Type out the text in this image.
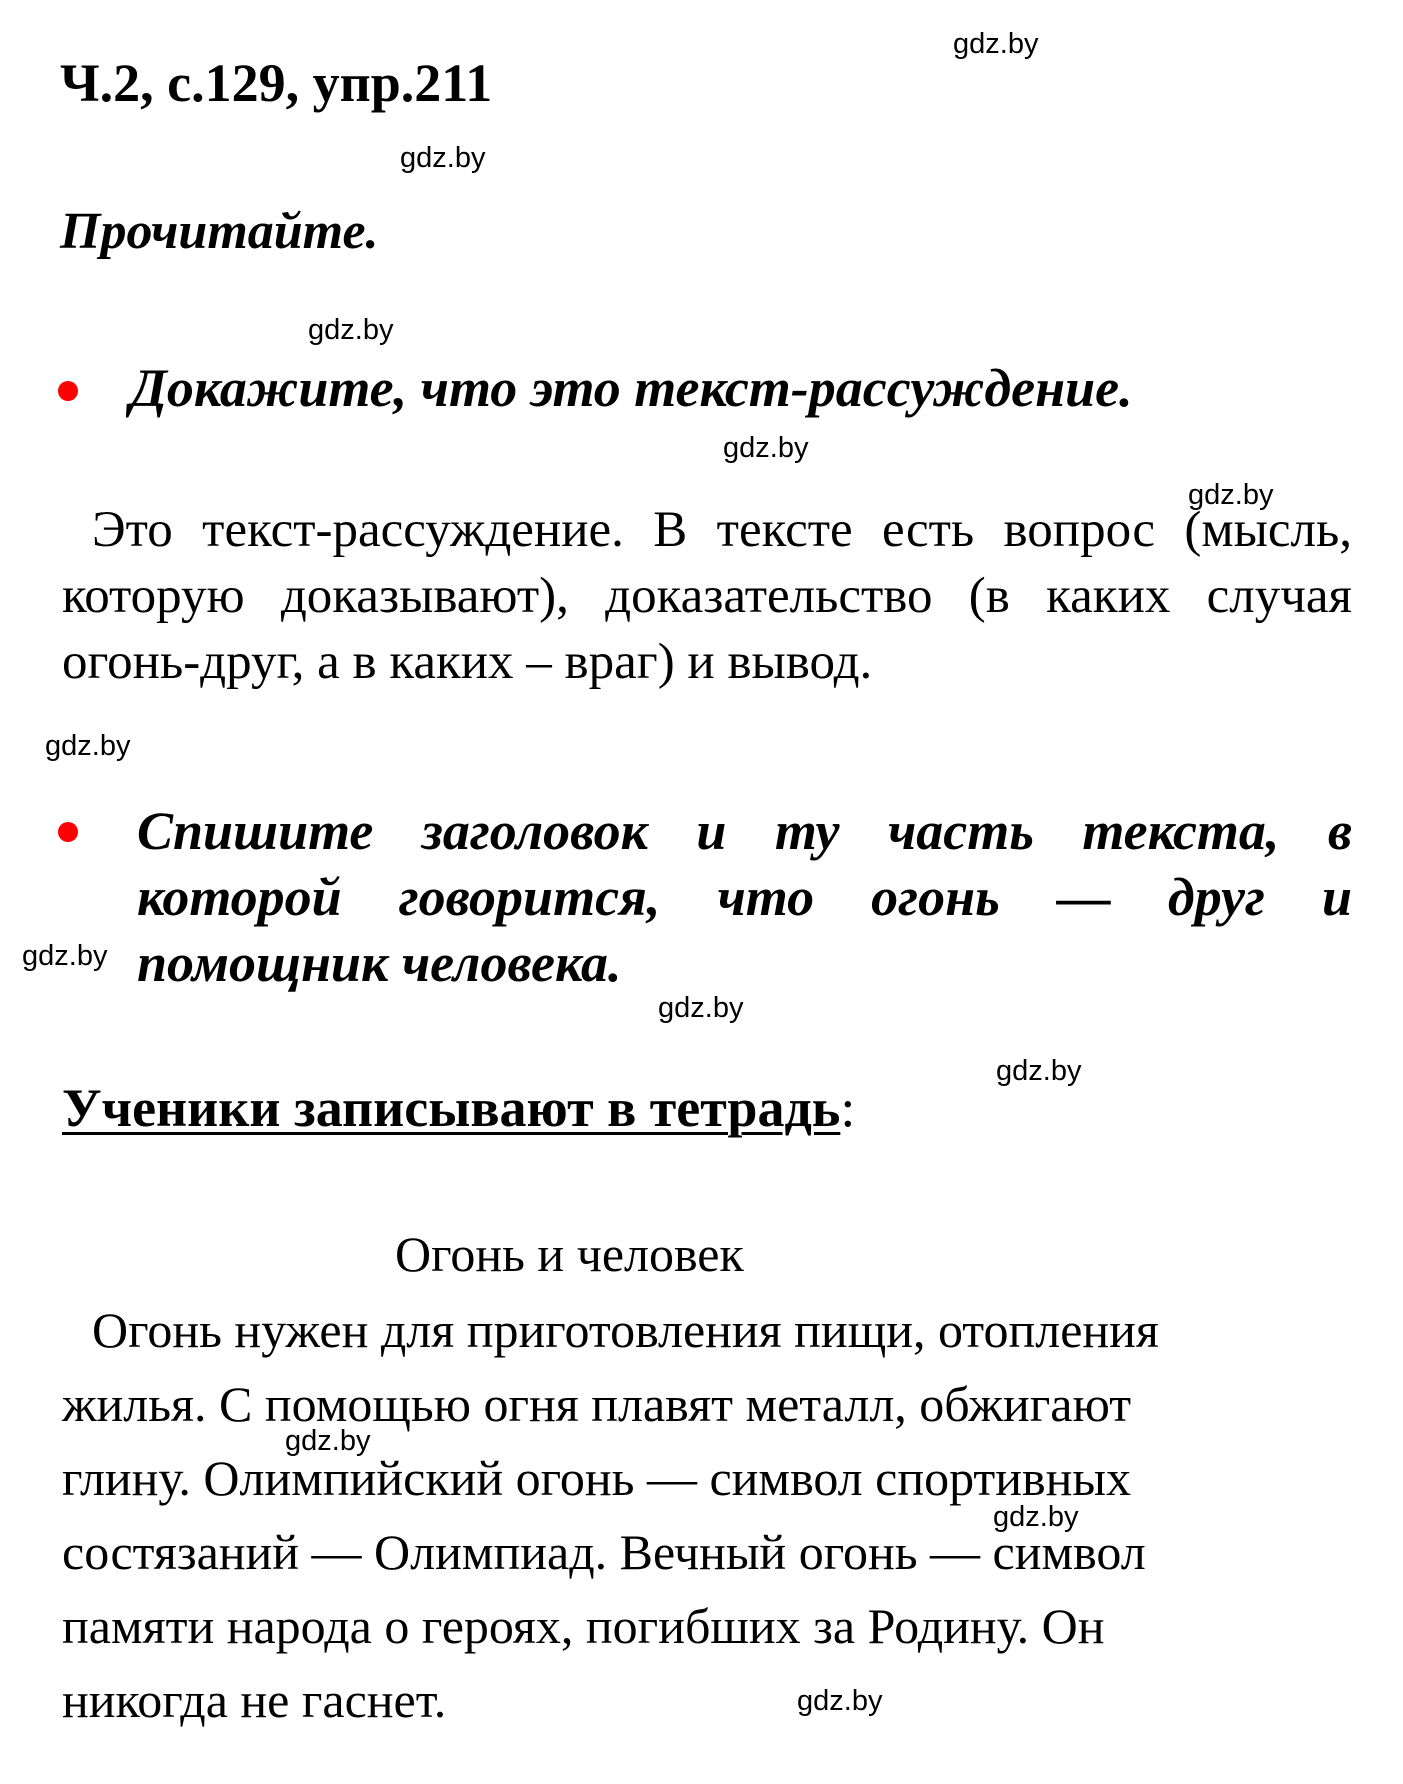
Ч.2, с.129, упр.211
Прочитайте.
Докажите, что это текст-рассуждение.
Это текст-рассуждение. В тексте есть вопрос (мысль, которую доказывают), доказательство (в каких случая огонь-друг, а в каких – враг) и вывод.
Спишите заголовок и ту часть текста, в которой говорится, что огонь — друг и помощник человека.
Ученики записывают в тетрадь:
Огонь и человек
Огонь нужен для приготовления пищи, отопления
жилья. С помощью огня плавят металл, обжигают
глину. Олимпийский огонь — символ спортивных
состязаний — Олимпиад. Вечный огонь — символ
памяти народа о героях, погибших за Родину. Он
никогда не гаснет.
gdz.by
gdz.by
gdz.by
gdz.by
gdz.by
gdz.by
gdz.by
gdz.by
gdz.by
gdz.by
gdz.by
gdz.by
